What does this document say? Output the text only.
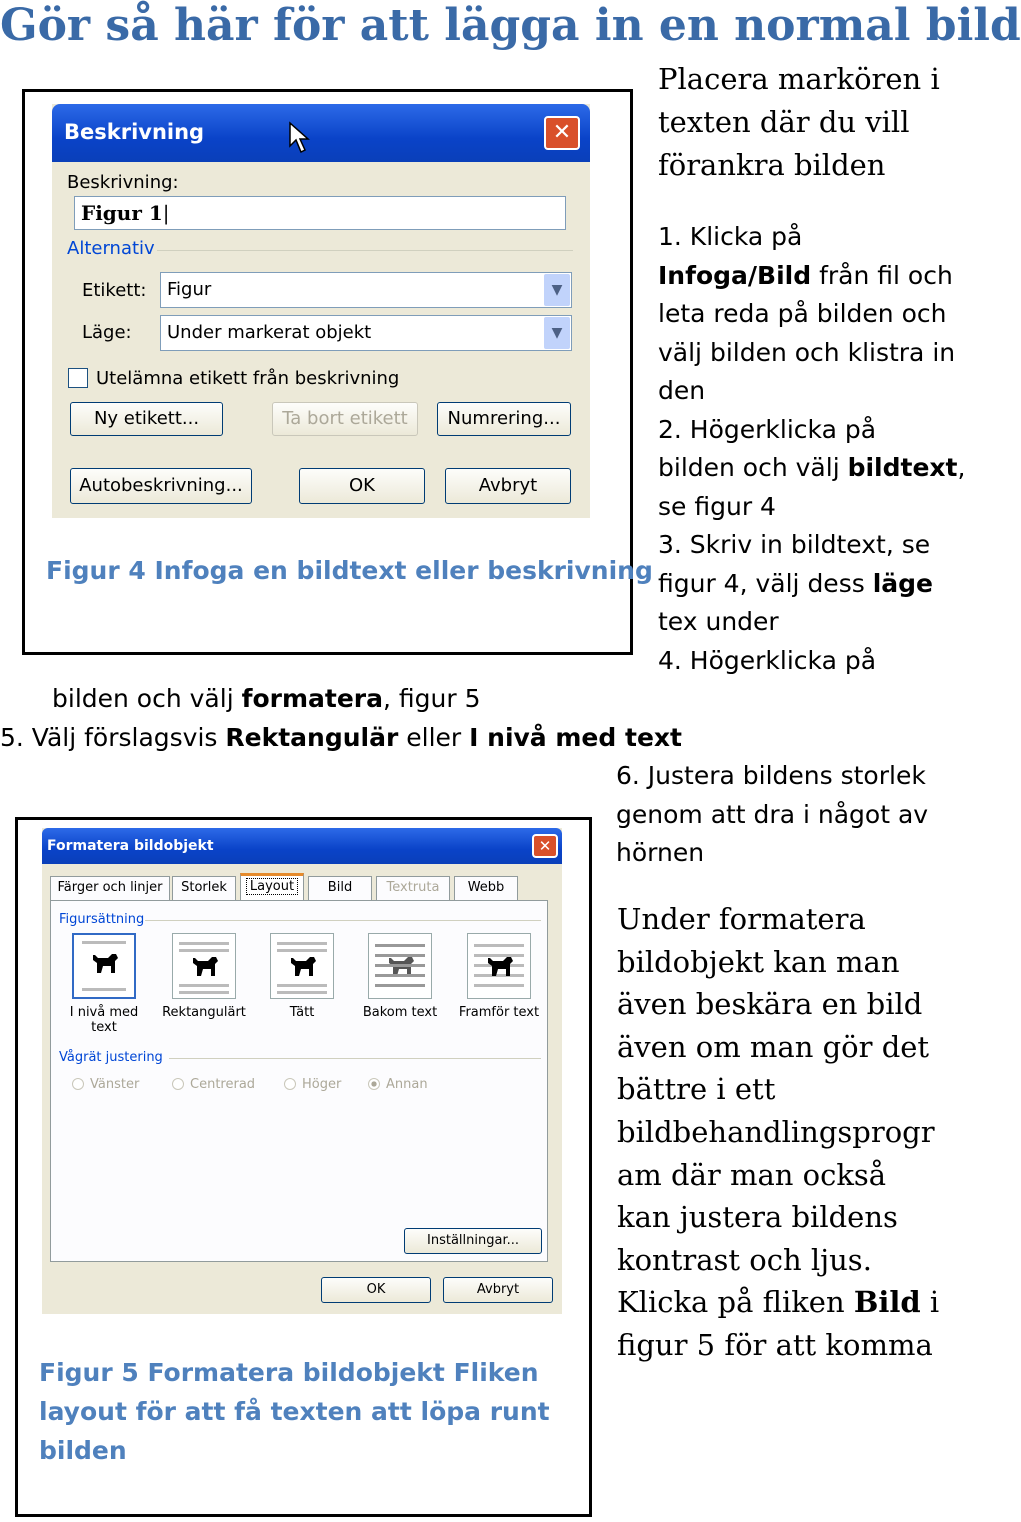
Gör så här för att lägga in en normal bild
Placera markören i
texten där du vill
förankra bilden
1. Klicka på
Infoga/Bild från fil och
leta reda på bilden och
välj bilden och klistra in
den
2. Högerklicka på
bilden och välj bildtext,
se figur 4
3. Skriv in bildtext, se
figur 4, välj dess läge
tex under
4. Högerklicka på
bilden och välj formatera, figur 5
5. Välj förslagsvis Rektangulär eller I nivå med text
6. Justera bildens storlek
genom att dra i något av
hörnen
Under formatera
bildobjekt kan man
även beskära en bild
även om man gör det
bättre i ett
bildbehandlingsprogr
am där man också
kan justera bildens
kontrast och ljus.
Klicka på fliken Bild i
figur 5 för att komma
Beskrivning	✕
Beskrivning:
Figur 1|
Alternativ
Etikett: Figur	▼
Läge: Under markerat objekt	▼
Utelämna etikett från beskrivning
Ny etikett...	Ta bort etikett	Numrering...
Autobeskrivning...	OK	Avbryt
Figur 4 Infoga en bildtext eller beskrivning
Formatera bildobjekt	✕
Färger och linjer	Storlek	Layout	Bild	Textruta	Webb
Figursättning
I nivå med text
Rektangulärt	Tätt	Bakom text	Framför text
Vågrät justering
Vänster	Centrerad	Höger	Annan
Inställningar...
OK	Avbryt
Figur 5 Formatera bildobjekt Fliken
layout för att få texten att löpa runt
bilden
